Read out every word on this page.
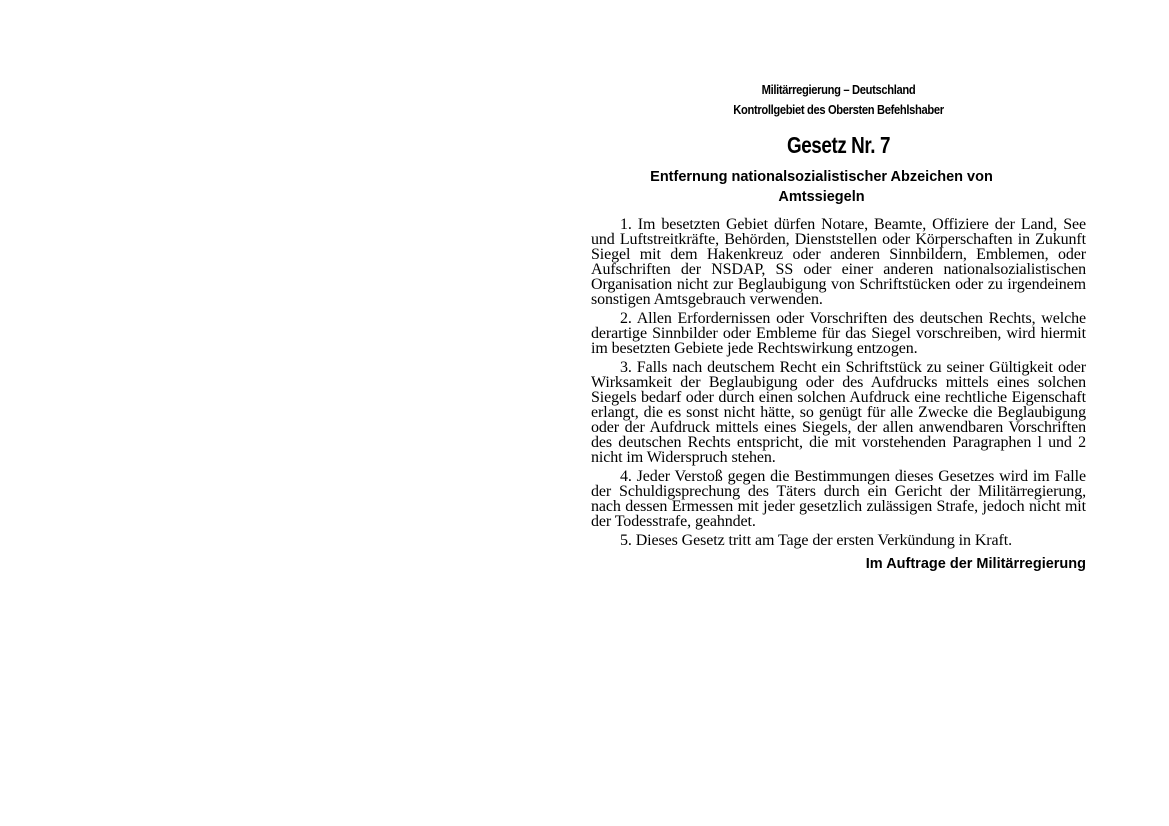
Militärregierung – Deutschland
Kontrollgebiet des Obersten Befehlshaber
Gesetz Nr. 7
Entfernung nationalsozialistischer Abzeichen von Amtssiegeln

1. Im besetzten Gebiet dürfen Notare, Beamte, Offiziere der Land, See und Luftstreitkräfte, Behörden, Dienststellen oder Körperschaften in Zukunft Siegel mit dem Hakenkreuz oder anderen Sinnbildern, Emblemen, oder Aufschriften der NSDAP, SS oder einer anderen nationalsozialistischen Organisation nicht zur Beglaubigung von Schriftstücken oder zu irgendeinem sonstigen Amtsgebrauch verwenden.

2. Allen Erfordernissen oder Vorschriften des deutschen Rechts, welche derartige Sinnbilder oder Embleme für das Siegel vorschreiben, wird hiermit im besetzten Gebiete jede Rechtswirkung entzogen.

3. Falls nach deutschem Recht ein Schriftstück zu seiner Gültigkeit oder Wirksamkeit der Beglaubigung oder des Aufdrucks mittels eines solchen Siegels bedarf oder durch einen solchen Aufdruck eine rechtliche Eigenschaft erlangt, die es sonst nicht hätte, so genügt für alle Zwecke die Beglaubigung oder der Aufdruck mittels eines Siegels, der allen anwendbaren Vorschriften des deutschen Rechts entspricht, die mit vorstehenden Paragraphen l und 2 nicht im Widerspruch stehen.

4. Jeder Verstoß gegen die Bestimmungen dieses Gesetzes wird im Falle der Schuldigsprechung des Täters durch ein Gericht der Militärregierung, nach dessen Ermessen mit jeder gesetzlich zulässigen Strafe, jedoch nicht mit der Todesstrafe, geahndet.

5. Dieses Gesetz tritt am Tage der ersten Verkündung in Kraft.

Im Auftrage der Militärregierung
